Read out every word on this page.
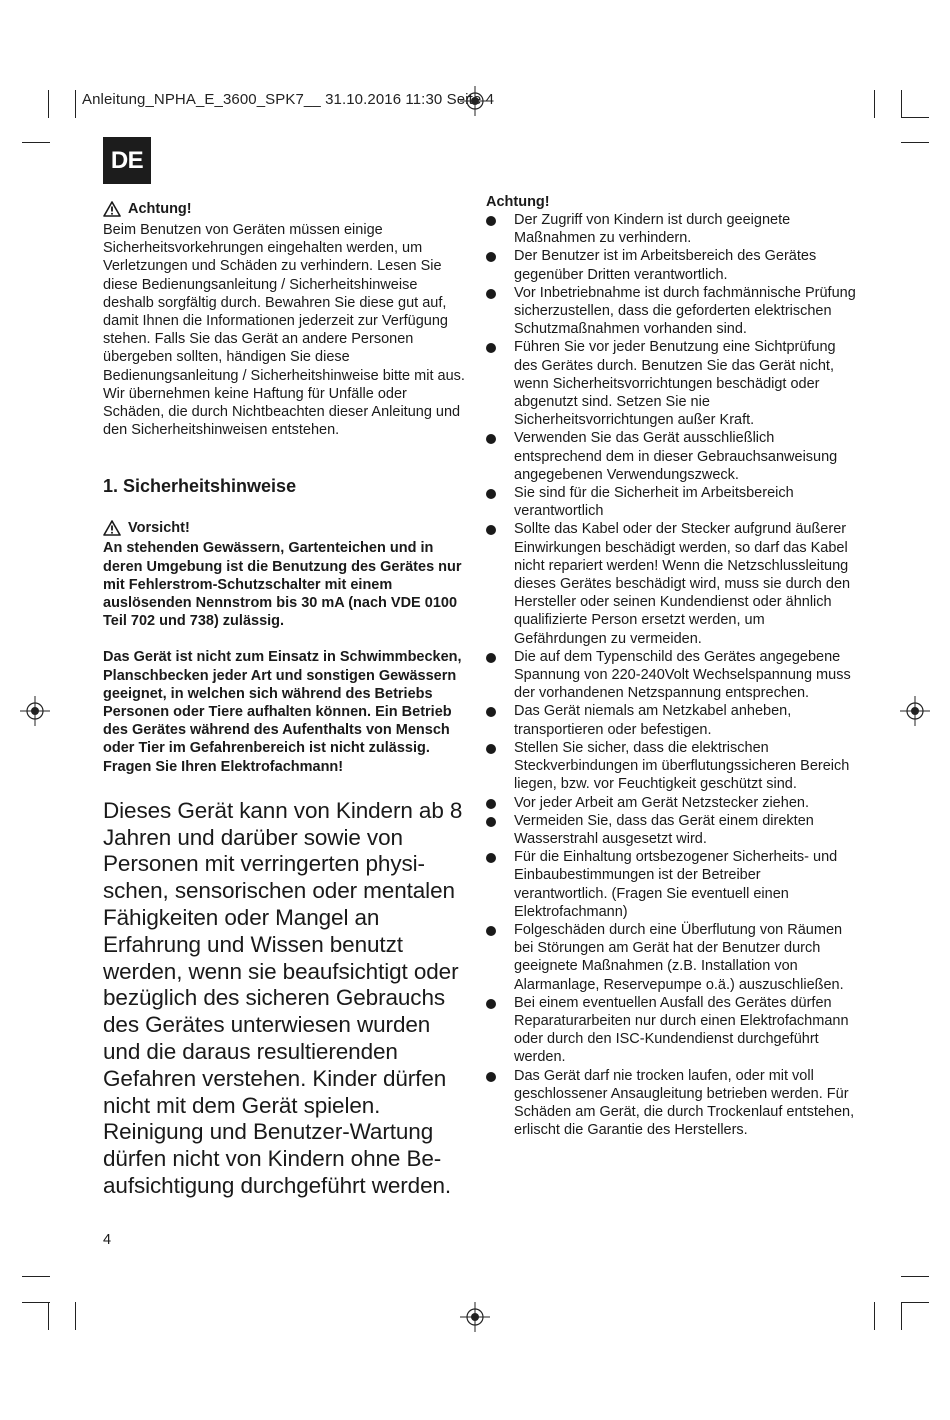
Anleitung_NPHA_E_3600_SPK7__ 31.10.2016 11:30 Seite 4
DE
Achtung!

Beim Benutzen von Geräten müssen einige Sicherheitsvorkehrungen eingehalten werden, um Verletzungen und Schäden zu verhindern. Lesen Sie diese Bedienungsanleitung / Sicherheitshinweise deshalb sorgfältig durch. Bewahren Sie diese gut auf, damit Ihnen die Informationen jederzeit zur Verfügung stehen. Falls Sie das Gerät an andere Personen übergeben sollten, händigen Sie diese Bedienungsanleitung / Sicherheitshinweise bitte mit aus. Wir übernehmen keine Haftung für Unfälle oder Schäden, die durch Nichtbeachten dieser Anleitung und den Sicherheitshinweisen entstehen.

1. Sicherheitshinweise
Vorsicht!

An stehenden Gewässern, Gartenteichen und in deren Umgebung ist die Benutzung des Gerätes nur mit Fehlerstrom-Schutzschalter mit einem auslösenden Nennstrom bis 30 mA (nach VDE 0100 Teil 702 und 738) zulässig.

Das Gerät ist nicht zum Einsatz in Schwimmbecken, Planschbecken jeder Art und sonstigen Gewässern geeignet, in welchen sich während des Betriebs Personen oder Tiere aufhalten können. Ein Betrieb des Gerätes während des Aufenthalts von Mensch oder Tier im Gefahrenbereich ist nicht zulässig. Fragen Sie Ihren Elektrofachmann!

Dieses Gerät kann von Kindern ab 8 Jahren und darüber sowie von Personen mit verringerten physi-schen, sensorischen oder mentalen Fähigkeiten oder Mangel an Erfahrung und Wissen benutzt werden, wenn sie beaufsichtigt oder bezüglich des sicheren Gebrauchs des Gerätes unterwiesen wurden und die daraus resultierenden Gefahren verstehen. Kinder dürfen nicht mit dem Gerät spielen. Reinigung und Benutzer-Wartung dürfen nicht von Kindern ohne Be-aufsichtigung durchgeführt werden.

4
Achtung!
Der Zugriff von Kindern ist durch geeignete Maßnahmen zu verhindern.
Der Benutzer ist im Arbeitsbereich des Gerätes gegenüber Dritten verantwortlich.
Vor Inbetriebnahme ist durch fachmännische Prüfung sicherzustellen, dass die geforderten elektrischen Schutzmaßnahmen vorhanden sind.
Führen Sie vor jeder Benutzung eine Sichtprüfung des Gerätes durch. Benutzen Sie das Gerät nicht, wenn Sicherheitsvorrichtungen beschädigt oder abgenutzt sind. Setzen Sie nie Sicherheitsvorrichtungen außer Kraft.
Verwenden Sie das Gerät ausschließlich entsprechend dem in dieser Gebrauchsanweisung angegebenen Verwendungszweck.
Sie sind für die Sicherheit im Arbeitsbereich verantwortlich
Sollte das Kabel oder der Stecker aufgrund äußerer Einwirkungen beschädigt werden, so darf das Kabel nicht repariert werden! Wenn die Netzschlussleitung dieses Gerätes beschädigt wird, muss sie durch den Hersteller oder seinen Kundendienst oder ähnlich qualifizierte Person ersetzt werden, um Gefährdungen zu vermeiden.
Die auf dem Typenschild des Gerätes angegebene Spannung von 220-240Volt Wechselspannung muss der vorhandenen Netzspannung entsprechen.
Das Gerät niemals am Netzkabel anheben, transportieren oder befestigen.
Stellen Sie sicher, dass die elektrischen Steckverbindungen im überflutungssicheren Bereich liegen, bzw. vor Feuchtigkeit geschützt sind.
Vor jeder Arbeit am Gerät Netzstecker ziehen.
Vermeiden Sie, dass das Gerät einem direkten Wasserstrahl ausgesetzt wird.
Für die Einhaltung ortsbezogener Sicherheits- und Einbaubestimmungen ist der Betreiber verantwortlich. (Fragen Sie eventuell einen Elektrofachmann)
Folgeschäden durch eine Überflutung von Räumen bei Störungen am Gerät hat der Benutzer durch geeignete Maßnahmen (z.B. Installation von Alarmanlage, Reservepumpe o.ä.) auszuschließen.
Bei einem eventuellen Ausfall des Gerätes dürfen Reparaturarbeiten nur durch einen Elektrofachmann oder durch den ISC-Kundendienst durchgeführt werden.
Das Gerät darf nie trocken laufen, oder mit voll geschlossener Ansaugleitung betrieben werden. Für Schäden am Gerät, die durch Trockenlauf entstehen, erlischt die Garantie des Herstellers.
